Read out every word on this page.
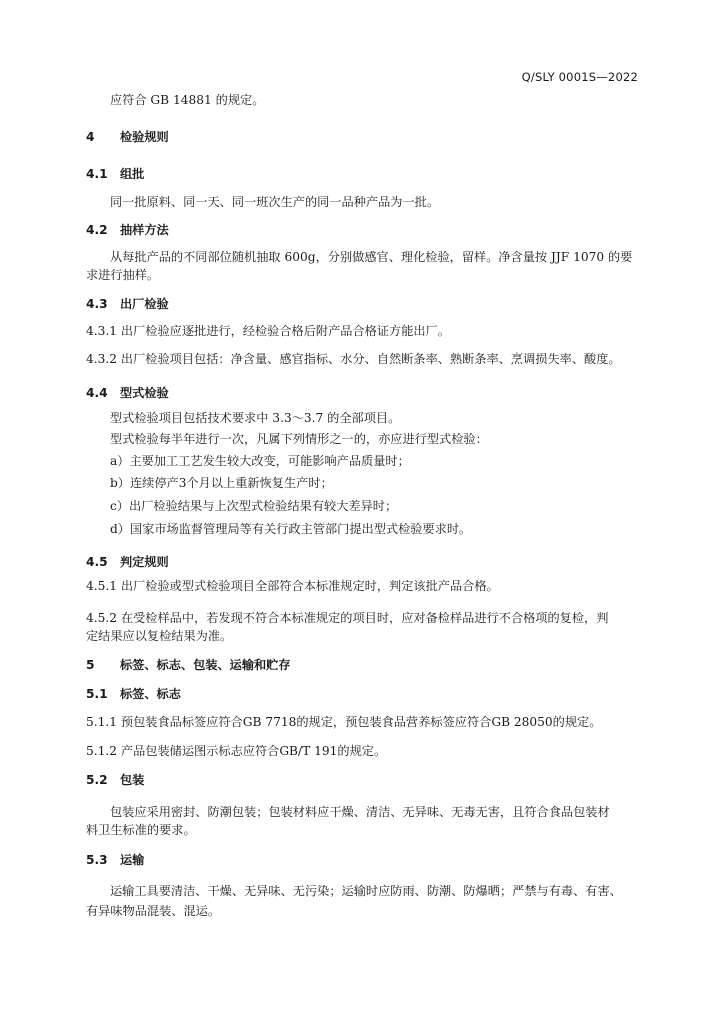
Q/SLY 0001S—2022
应符合 GB 14881 的规定。
4 检验规则
4.1 组批
同一批原料、同一天、同一班次生产的同一品种产品为一批。
4.2 抽样方法
从每批产品的不同部位随机抽取 600g，分别做感官、理化检验，留样。净含量按 JJF 1070 的要
求进行抽样。
4.3 出厂检验
4.3.1 出厂检验应逐批进行，经检验合格后附产品合格证方能出厂。
4.3.2 出厂检验项目包括：净含量、感官指标、水分、自然断条率、熟断条率、烹调损失率、酸度。
4.4 型式检验
型式检验项目包括技术要求中 3.3～3.7 的全部项目。
型式检验每半年进行一次，凡属下列情形之一的，亦应进行型式检验：
a）主要加工工艺发生较大改变，可能影响产品质量时；
b）连续停产3个月以上重新恢复生产时；
c）出厂检验结果与上次型式检验结果有较大差异时；
d）国家市场监督管理局等有关行政主管部门提出型式检验要求时。
4.5 判定规则
4.5.1 出厂检验或型式检验项目全部符合本标准规定时，判定该批产品合格。
4.5.2 在受检样品中，若发现不符合本标准规定的项目时，应对备检样品进行不合格项的复检，判
定结果应以复检结果为准。
5 标签、标志、包装、运输和贮存
5.1 标签、标志
5.1.1 预包装食品标签应符合GB 7718的规定，预包装食品营养标签应符合GB 28050的规定。
5.1.2 产品包装储运图示标志应符合GB/T 191的规定。
5.2 包装
包装应采用密封、防潮包装；包装材料应干燥、清洁、无异味、无毒无害，且符合食品包装材
料卫生标准的要求。
5.3 运输
运输工具要清洁、干燥、无异味、无污染；运输时应防雨、防潮、防爆晒；严禁与有毒、有害、
有异味物品混装、混运。
